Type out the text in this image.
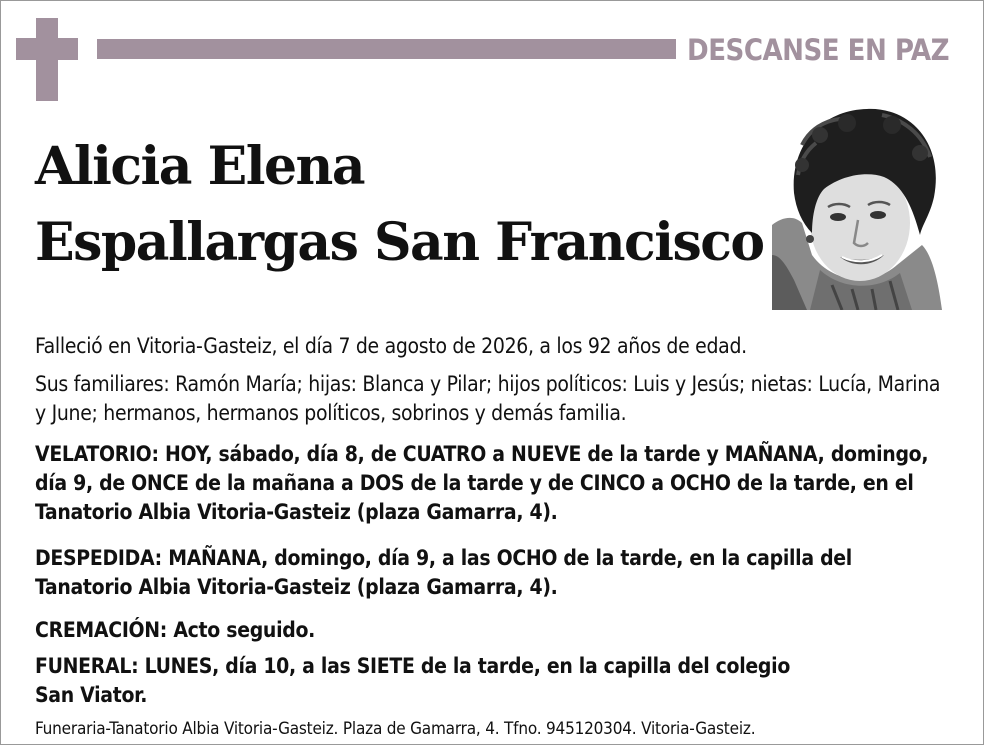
DESCANSE EN PAZ
Alicia Elena
Espallargas San Francisco
Falleció en Vitoria-Gasteiz, el día 7 de agosto de 2026, a los 92 años de edad.
Sus familiares: Ramón María; hijas: Blanca y Pilar; hijos políticos: Luis y Jesús; nietas: Lucía, Marina y June; hermanos, hermanos políticos, sobrinos y demás familia.
VELATORIO: HOY, sábado, día 8, de CUATRO a NUEVE de la tarde y MAÑANA, domingo, día 9, de ONCE de la mañana a DOS de la tarde y de CINCO a OCHO de la tarde, en el Tanatorio Albia Vitoria-Gasteiz (plaza Gamarra, 4).
DESPEDIDA: MAÑANA, domingo, día 9, a las OCHO de la tarde, en la capilla del Tanatorio Albia Vitoria-Gasteiz (plaza Gamarra, 4).
CREMACIÓN: Acto seguido.
FUNERAL: LUNES, día 10, a las SIETE de la tarde, en la capilla del colegio San Viator.
Funeraria-Tanatorio Albia Vitoria-Gasteiz. Plaza de Gamarra, 4. Tfno. 945120304. Vitoria-Gasteiz.
